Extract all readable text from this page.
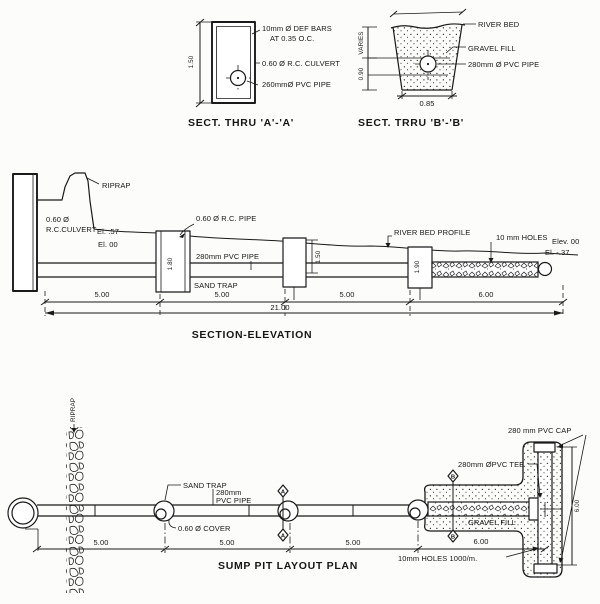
1.50
10mm Ø DEF BARS
AT 0.35 O.C.
0.60 Ø R.C. CULVERT
260mmØ PVC PIPE
SECT. THRU 'A'-'A'
VARIES
0.90
RIVER BED
GRAVEL FILL
280mm Ø PVC PIPE
0.85
SECT. TRRU 'B'-'B'
RIPRAP
1.80
1.50
1.90
0.60 Ø
R.C.CULVERT El. .57
El. 00
0.60 Ø R.C. PIPE
280mm PVC PIPE
SAND TRAP
RIVER BED PROFILE
10 mm HOLES Elev. 00
El. -.37
5.00	5.00	5.00	6.00
21.00
SECTION-ELEVATION
RIPRAP
A
A
B
B
SAND TRAP
280mm
PVC PIPE
0.60 Ø COVER
280mm ØPVC TEE
280 mm PVC CAP
6.00
GRAVEL FILL
10mm HOLES 1000/m.
5.00	5.00	5.00	6.00
SUMP PIT LAYOUT PLAN
